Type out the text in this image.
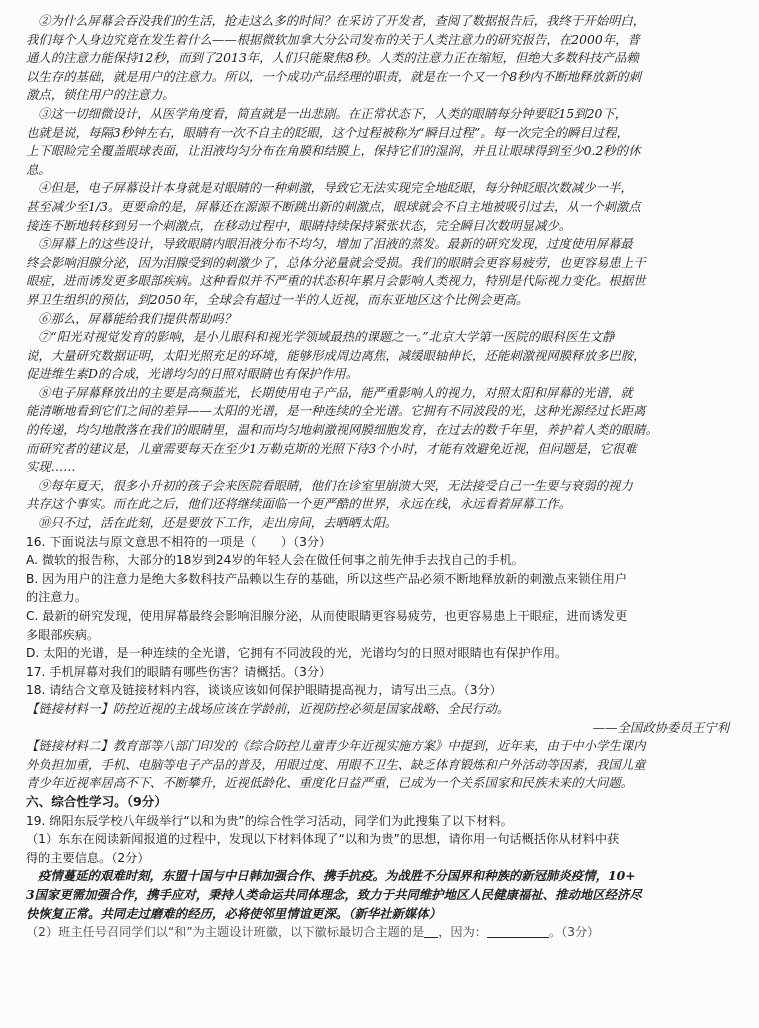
②为什么屏幕会吞没我们的生活，抢走这么多的时间？在采访了开发者，查阅了数据报告后，我终于开始明白，
我们每个人身边究竟在发生着什么——根据微软加拿大分公司发布的关于人类注意力的研究报告，在2000年，普
通人的注意力能保持12秒，而到了2013年，人们只能聚焦8秒。人类的注意力正在缩短，但绝大多数科技产品赖
以生存的基础，就是用户的注意力。所以，一个成功产品经理的职责，就是在一个又一个8秒内不断地释放新的刺
激点，锁住用户的注意力。
③这一切细微设计，从医学角度看，简直就是一出悲剧。在正常状态下，人类的眼睛每分钟要眨15到20下，
也就是说，每隔3秒钟左右，眼睛有一次不自主的眨眼，这个过程被称为“瞬目过程”。每一次完全的瞬目过程，
上下眼睑完全覆盖眼球表面，让泪液均匀分布在角膜和结膜上，保持它们的湿润，并且让眼球得到至少0.2秒的休
息。
④但是，电子屏幕设计本身就是对眼睛的一种刺激，导致它无法实现完全地眨眼，每分钟眨眼次数减少一半，
甚至减少至1/3。更要命的是，屏幕还在源源不断跳出新的刺激点，眼球就会不自主地被吸引过去，从一个刺激点
接连不断地转移到另一个刺激点，在移动过程中，眼睛持续保持紧张状态，完全瞬目次数明显减少。
⑤屏幕上的这些设计，导致眼睛内眼泪液分布不均匀，增加了泪液的蒸发。最新的研究发现，过度使用屏幕最
终会影响泪腺分泌，因为泪腺受到的刺激少了，总体分泌量就会受损。我们的眼睛会更容易疲劳，也更容易患上干
眼症，进而诱发更多眼部疾病。这种看似并不严重的状态积年累月会影响人类视力，特别是代际视力变化。根据世
界卫生组织的预估，到2050年，全球会有超过一半的人近视，而东亚地区这个比例会更高。
⑥那么，屏幕能给我们提供帮助吗？
⑦“阳光对视觉发育的影响，是小儿眼科和视光学领域最热的课题之一。”北京大学第一医院的眼科医生文静
说，大量研究数据证明，太阳光照充足的环境，能够形成周边离焦，减缓眼轴伸长，还能刺激视网膜释放多巴胺，
促进维生素D的合成，光谱均匀的日照对眼睛也有保护作用。
⑧电子屏幕释放出的主要是高频蓝光，长期使用电子产品，能严重影响人的视力，对照太阳和屏幕的光谱，就
能清晰地看到它们之间的差异——太阳的光谱，是一种连续的全光谱。它拥有不同波段的光，这种光源经过长距离
的传递，均匀地散落在我们的眼睛里，温和而均匀地刺激视网膜细胞发育，在过去的数千年里，养护着人类的眼睛。
而研究者的建议是，儿童需要每天在至少1万勒克斯的光照下待3个小时，才能有效避免近视，但问题是，它很难
实现……
⑨每年夏天，很多小升初的孩子会来医院看眼睛，他们在诊室里崩溃大哭，无法接受自己一生要与衰弱的视力
共存这个事实。而在此之后，他们还将继续面临一个更严酷的世界，永远在线，永远看着屏幕工作。
⑩只不过，活在此刻，还是要放下工作，走出房间，去晒晒太阳。
16. 下面说法与原文意思不相符的一项是（　　）（3分）
A. 微软的报告称，大部分的18岁到24岁的年轻人会在做任何事之前先伸手去找自己的手机。
B. 因为用户的注意力是绝大多数科技产品赖以生存的基础，所以这些产品必须不断地释放新的刺激点来锁住用户
的注意力。
C. 最新的研究发现，使用屏幕最终会影响泪腺分泌，从而使眼睛更容易疲劳，也更容易患上干眼症，进而诱发更
多眼部疾病。
D. 太阳的光谱，是一种连续的全光谱，它拥有不同波段的光，光谱均匀的日照对眼睛也有保护作用。
17. 手机屏幕对我们的眼睛有哪些伤害？请概括。（3分）
18. 请结合文章及链接材料内容，谈谈应该如何保护眼睛提高视力，请写出三点。（3分）
【链接材料一】防控近视的主战场应该在学龄前，近视防控必须是国家战略、全民行动。
——全国政协委员王宁利
【链接材料二】教育部等八部门印发的《综合防控儿童青少年近视实施方案》中提到，近年来，由于中小学生课内
外负担加重，手机、电脑等电子产品的普及，用眼过度、用眼不卫生、缺乏体育锻炼和户外活动等因素，我国儿童
青少年近视率居高不下、不断攀升，近视低龄化、重度化日益严重，已成为一个关系国家和民族未来的大问题。
六、综合性学习。（9分）
19. 绵阳东辰学校八年级举行“以和为贵”的综合性学习活动，同学们为此搜集了以下材料。
（1）东东在阅读新闻报道的过程中，发现以下材料体现了“以和为贵”的思想，请你用一句话概括你从材料中获
得的主要信息。（2分）
疫情蔓延的艰难时刻，东盟十国与中日韩加强合作、携手抗疫。为战胜不分国界和种族的新冠肺炎疫情，10+
3国家更需加强合作，携手应对，秉持人类命运共同体理念，致力于共同维护地区人民健康福祉、推动地区经济尽
快恢复正常。共同走过磨难的经历，必将使邻里情谊更深。（新华社新媒体）
（2）班主任号召同学们以“和”为主题设计班徽，以下徽标最切合主题的是 ，因为：	。（3分）
